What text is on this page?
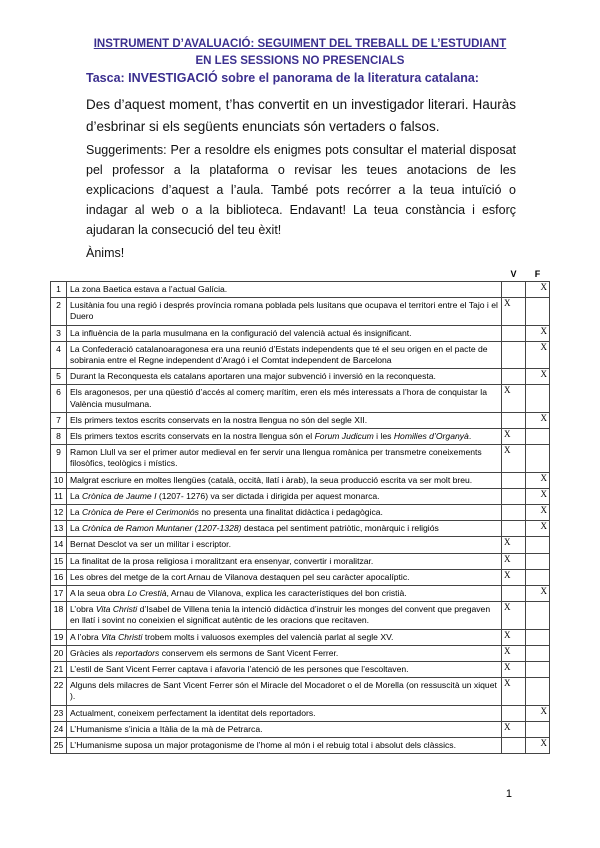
INSTRUMENT D’AVALUACIÓ: SEGUIMENT DEL TREBALL DE L’ESTUDIANT
EN LES SESSIONS NO PRESENCIALS
Tasca: INVESTIGACIÓ sobre el panorama de la literatura catalana:
Des d’aquest moment, t’has convertit en un investigador literari. Hauràs d’esbrinar si els següents enunciats són vertaders o falsos.
Suggeriments: Per a resoldre els enigmes pots consultar el material disposat pel professor a la plataforma o revisar les teues anotacions de les explicacions d’aquest a l’aula. També pots recórrer a la teua intuïció o indagar al web o a la biblioteca. Endavant! La teua constància i esforç ajudaran la consecució del teu èxit!
Ànims!
		V	F
1	La zona Baetica estava a l’actual Galícia.		X
2	Lusitània fou una regió i després província romana poblada pels lusitans que ocupava el territori entre el Tajo i el Duero	X	
3	La influència de la parla musulmana en la configuració del valencià actual és insignificant.		X
4	La Confederació catalanoaragonesa era una reunió d’Estats independents que té el seu origen en el pacte de sobirania entre el Regne independent d’Aragó i el Comtat independent de Barcelona		X
5	Durant la Reconquesta els catalans aportaren una major subvenció i inversió en la reconquesta.		X
6	Els aragonesos, per una qüestió d’accés al comerç marítim, eren els més interessats a l’hora de conquistar la València musulmana.	X	
7	Els primers textos escrits conservats en la nostra llengua no són del segle XII.		X
8	Els primers textos escrits conservats en la nostra llengua són el Forum Judicum i les Homilies d’Organyà.	X	
9	Ramon Llull va ser el primer autor medieval en fer servir una llengua romànica per transmetre coneixements filosòfics, teològics i místics.	X	
10	Malgrat escriure en moltes llengües (català, occità, llatí i àrab), la seua producció escrita va ser molt breu.		X
11	La Crònica de Jaume I (1207- 1276) va ser dictada i dirigida per aquest monarca.		X
12	La Crònica de Pere el Cerimoniós no presenta una finalitat didàctica i pedagògica.		X
13	La Crònica de Ramon Muntaner (1207-1328) destaca pel sentiment patriòtic, monàrquic i religiós		X
14	Bernat Desclot va ser un militar i escriptor.	X	
15	La finalitat de la prosa religiosa i moralitzant era ensenyar, convertir i moralitzar.	X	
16	Les obres del metge de la cort Arnau de Vilanova destaquen pel seu caràcter apocalíptic.	X	
17	A la seua obra Lo Crestià, Arnau de Vilanova, explica les característiques del bon cristià.		X
18	L’obra Vita Christi d’Isabel de Villena tenia la intenció didàctica d’instruir les monges del convent que pregaven en llatí i sovint no coneixien el significat autèntic de les oracions que recitaven.	X	
19	A l’obra Vita Christi trobem molts i valuosos exemples del valencià parlat al segle XV.	X	
20	Gràcies als reportadors conservem els sermons de Sant Vicent Ferrer.	X	
21	L’estil de Sant Vicent Ferrer captava i afavoria l’atenció de les persones que l’escoltaven.	X	
22	Alguns dels milacres de Sant Vicent Ferrer són el Miracle del Mocadoret o el de Morella (on ressuscità un xiquet ).	X	
23	Actualment, coneixem perfectament la identitat dels reportadors.		X
24	L’Humanisme s’inicia a Itàlia de la mà de Petrarca.	X	
25	L’Humanisme suposa un major protagonisme de l’home al món i el rebuig total i absolut dels clàssics.		X
1
